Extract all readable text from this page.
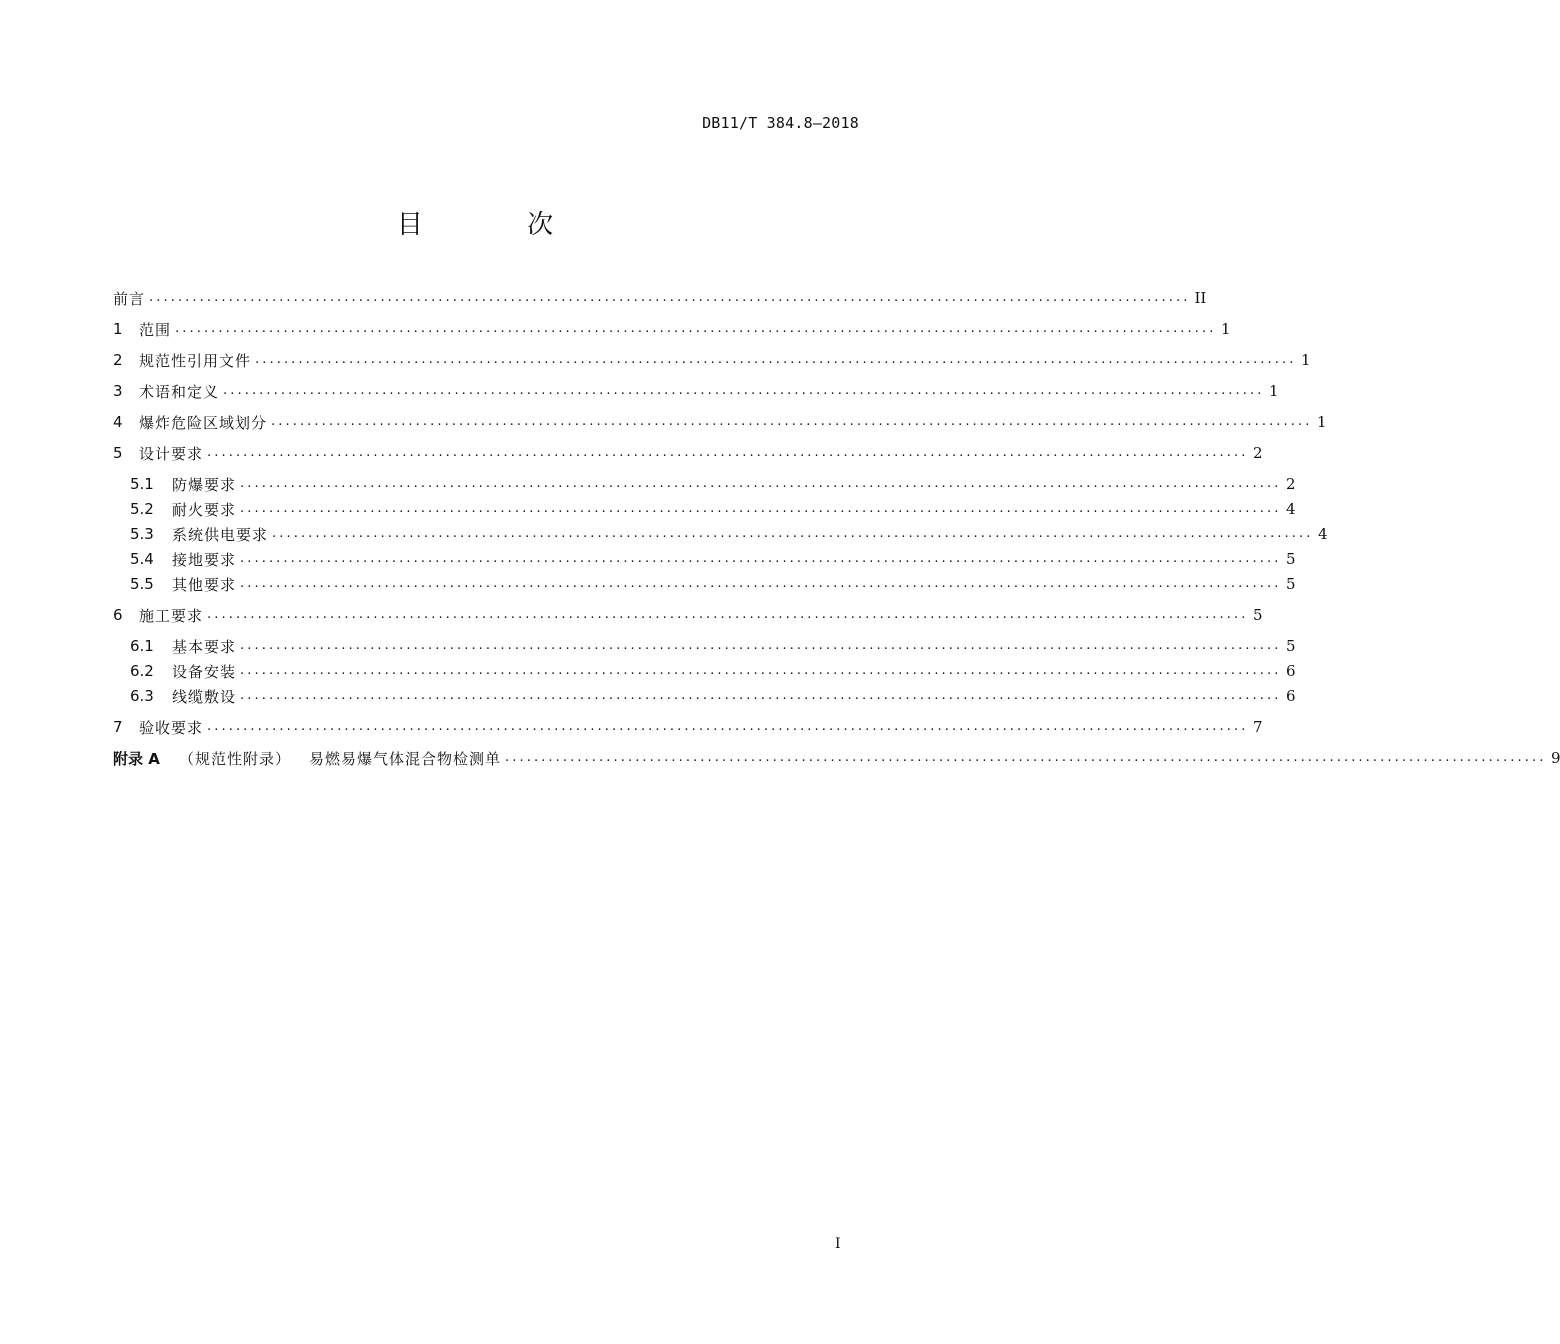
DB11/T 384.8—2018
目 次
前言 ................................................................................................................................................ II
1	范围 ................................................................................................................................................ 1
2	规范性引用文件 ................................................................................................................................................ 1
3	术语和定义 ................................................................................................................................................ 1
4	爆炸危险区域划分 ................................................................................................................................................ 1
5	设计要求 ................................................................................................................................................ 2
5.1	防爆要求 ................................................................................................................................................ 2
5.2	耐火要求 ................................................................................................................................................ 4
5.3	系统供电要求 ................................................................................................................................................ 4
5.4	接地要求 ................................................................................................................................................ 5
5.5	其他要求 ................................................................................................................................................ 5
6	施工要求 ................................................................................................................................................ 5
6.1	基本要求 ................................................................................................................................................ 5
6.2	设备安装 ................................................................................................................................................ 6
6.3	线缆敷设 ................................................................................................................................................ 6
7	验收要求 ................................................................................................................................................ 7
附录 A	（规范性附录）	易燃易爆气体混合物检测单 ................................................................................................................................................ 9
I
